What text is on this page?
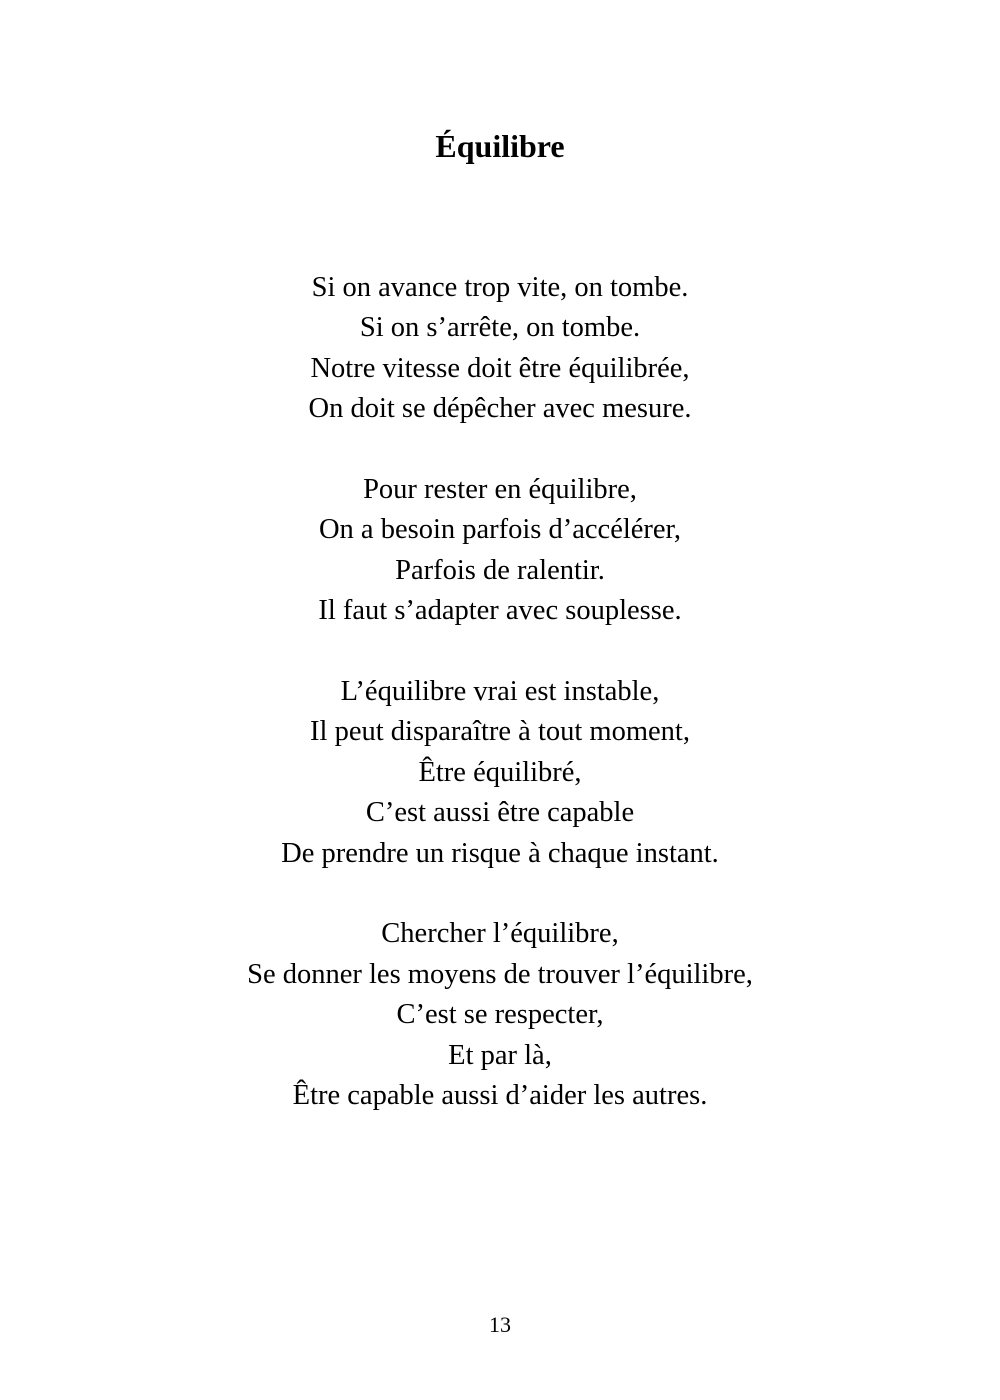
Équilibre
Si on avance trop vite, on tombe.
Si on s’arrête, on tombe.
Notre vitesse doit être équilibrée,
On doit se dépêcher avec mesure.
Pour rester en équilibre,
On a besoin parfois d’accélérer,
Parfois de ralentir.
Il faut s’adapter avec souplesse.
L’équilibre vrai est instable,
Il peut disparaître à tout moment,
Être équilibré,
C’est aussi être capable
De prendre un risque à chaque instant.
Chercher l’équilibre,
Se donner les moyens de trouver l’équilibre,
C’est se respecter,
Et par là,
Être capable aussi d’aider les autres.
13
